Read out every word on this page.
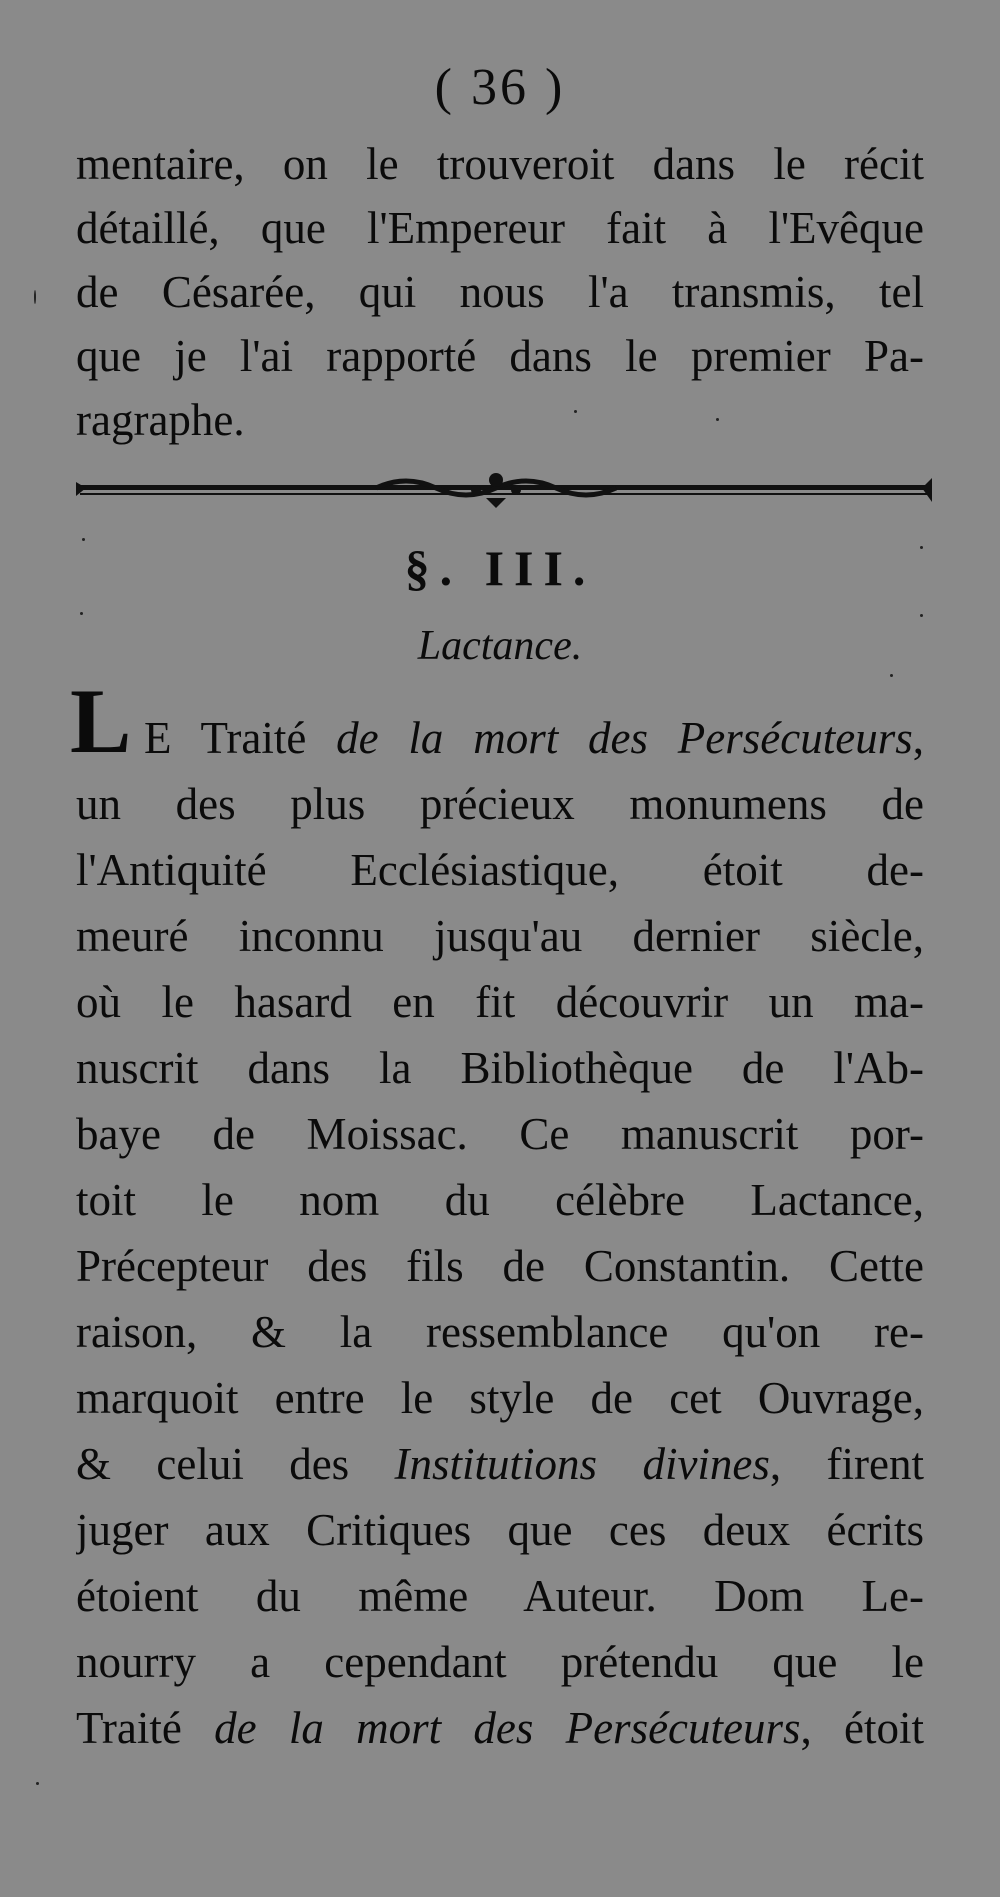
( 36 )
mentaire, on le trouveroit dans le récit
détaillé, que l'Empereur fait à l'Evêque
de Césarée, qui nous l'a transmis, tel
que je l'ai rapporté dans le premier Pa-
ragraphe.
§. III.
Lactance.
L E Traité de la mort des Persécuteurs,
un des plus précieux monumens de
l'Antiquité Ecclésiastique, étoit de-
meuré inconnu jusqu'au dernier siècle,
où le hasard en fit découvrir un ma-
nuscrit dans la Bibliothèque de l'Ab-
baye de Moissac. Ce manuscrit por-
toit le nom du célèbre Lactance,
Précepteur des fils de Constantin. Cette
raison, & la ressemblance qu'on re-
marquoit entre le style de cet Ouvrage,
& celui des Institutions divines, firent
juger aux Critiques que ces deux écrits
étoient du même Auteur. Dom Le-
nourry a cependant prétendu que le
Traité de la mort des Persécuteurs, étoit
